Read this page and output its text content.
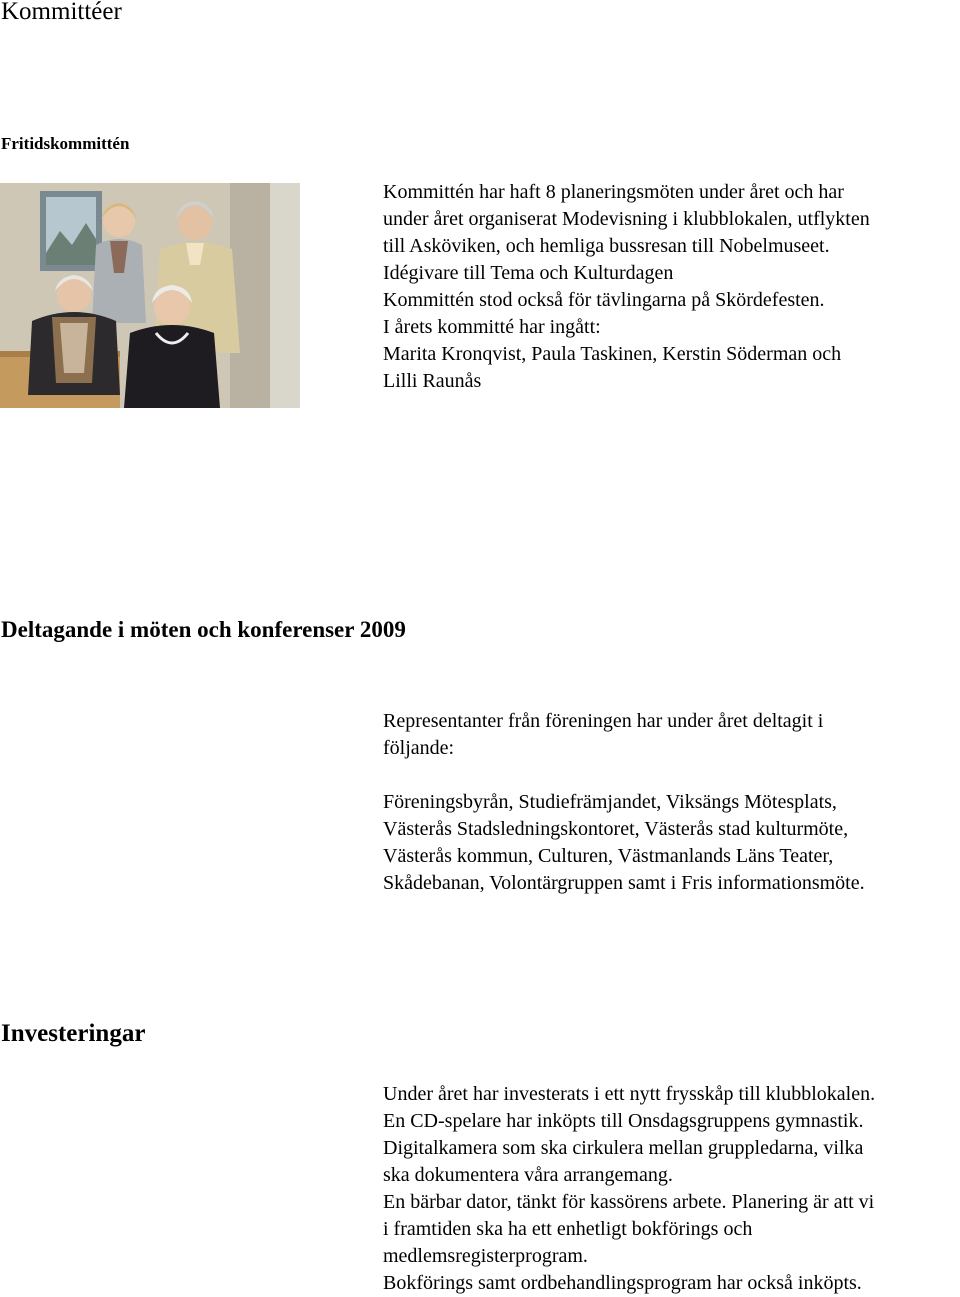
Kommittéer
Fritidskommittén
Kommittén har haft 8 planeringsmöten under året och har
under året organiserat Modevisning i klubblokalen, utflykten
till Asköviken, och hemliga bussresan till Nobelmuseet.
Idégivare till Tema och Kulturdagen
Kommittén stod också för tävlingarna på Skördefesten.
I årets kommitté har ingått:
Marita Kronqvist, Paula Taskinen, Kerstin Söderman och
Lilli Raunås
Deltagande i möten och konferenser 2009
Representanter från föreningen har under året deltagit i
följande:
Föreningsbyrån, Studiefrämjandet, Viksängs Mötesplats,
Västerås Stadsledningskontoret, Västerås stad kulturmöte,
Västerås kommun, Culturen, Västmanlands Läns Teater,
Skådebanan, Volontärgruppen samt i Fris informationsmöte.
Investeringar
Under året har investerats i ett nytt frysskåp till klubblokalen.
En CD-spelare har inköpts till Onsdagsgruppens gymnastik.
Digitalkamera som ska cirkulera mellan gruppledarna, vilka
ska dokumentera våra arrangemang.
En bärbar dator, tänkt för kassörens arbete. Planering är att vi
i framtiden ska ha ett enhetligt bokförings och
medlemsregisterprogram.
Bokförings samt ordbehandlingsprogram har också inköpts.
